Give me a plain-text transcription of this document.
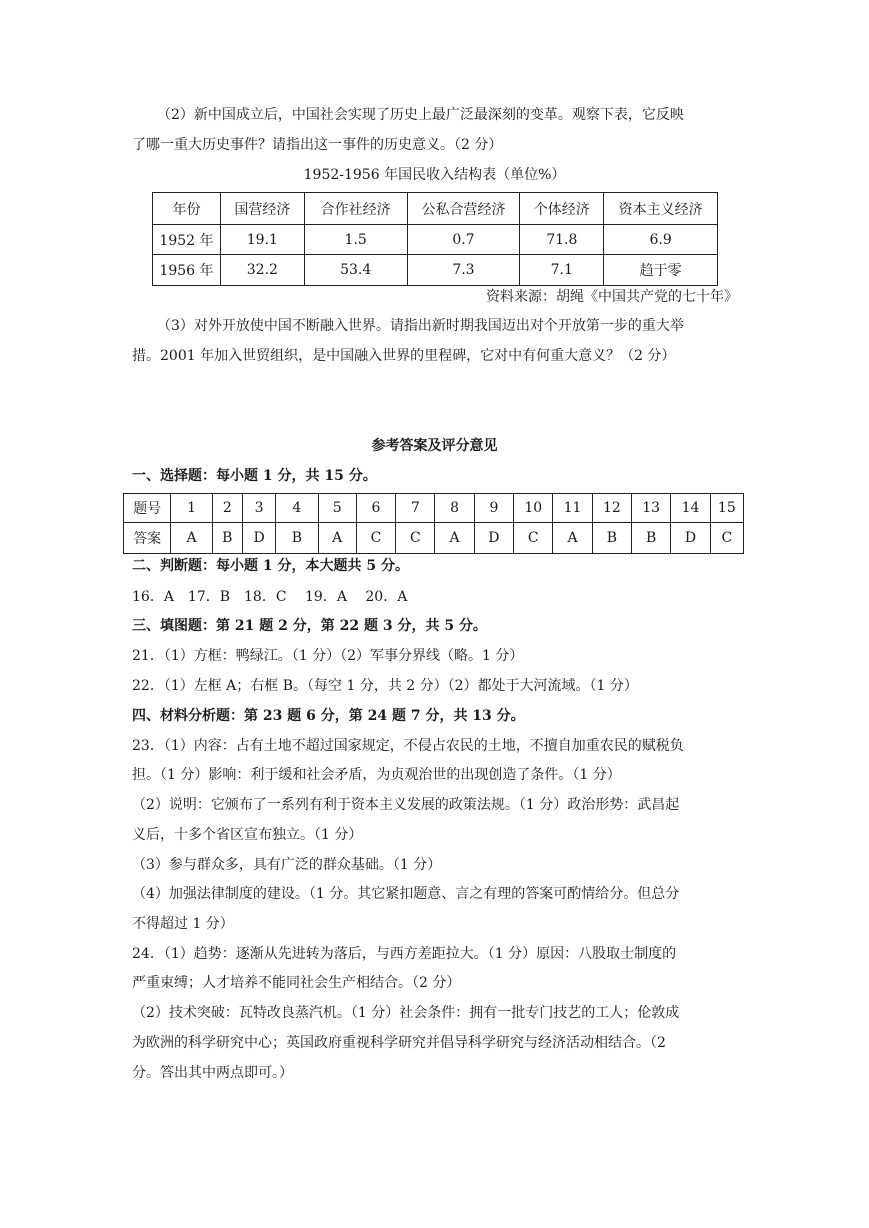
（2）新中国成立后，中国社会实现了历史上最广泛最深刻的变革。观察下表，它反映
了哪一重大历史事件？请指出这一事件的历史意义。（2 分）
1952-1956 年国民收入结构表（单位%）
年份	国营经济	合作社经济	公私合营经济	个体经济	资本主义经济
1952 年	19.1	1.5	0.7	71.8	6.9
1956 年	32.2	53.4	7.3	7.1	趋于零
资料来源：胡绳《中国共产党的七十年》
（3）对外开放使中国不断融入世界。请指出新时期我国迈出对个开放第一步的重大举
措。2001 年加入世贸组织，是中国融入世界的里程碑，它对中有何重大意义？（2 分）
参考答案及评分意见
一、选择题：每小题 1 分，共 15 分。
题号	1	2	3	4	5	6	7	8	9	10	11	12	13	14	15
答案	A	B	D	B	A	C	C	A	D	C	A	B	B	D	C
二、判断题：每小题 1 分，本大题共 5 分。
16．A　17．B　18．C　 19．A　 20．A
三、填图题：第 21 题 2 分，第 22 题 3 分，共 5 分。
21．（1）方框：鸭绿江。（1 分）（2）军事分界线（略。1 分）
22．（1）左框 A；右框 B。（每空 1 分，共 2 分）（2）都处于大河流域。（1 分）
四、材料分析题：第 23 题 6 分，第 24 题 7 分，共 13 分。
23．（1）内容：占有土地不超过国家规定，不侵占农民的土地，不擅自加重农民的赋税负
担。（1 分）影响：利于缓和社会矛盾，为贞观治世的出现创造了条件。（1 分）
（2）说明：它颁布了一系列有利于资本主义发展的政策法规。（1 分）政治形势：武昌起
义后，十多个省区宣布独立。（1 分）
（3）参与群众多，具有广泛的群众基础。（1 分）
（4）加强法律制度的建设。（1 分。其它紧扣题意、言之有理的答案可酌情给分。但总分
不得超过 1 分）
24．（1）趋势：逐渐从先进转为落后，与西方差距拉大。（1 分）原因：八股取士制度的
严重束缚；人才培养不能同社会生产相结合。（2 分）
（2）技术突破：瓦特改良蒸汽机。（1 分）社会条件：拥有一批专门技艺的工人；伦敦成
为欧洲的科学研究中心；英国政府重视科学研究并倡导科学研究与经济活动相结合。（2
分。答出其中两点即可。）
